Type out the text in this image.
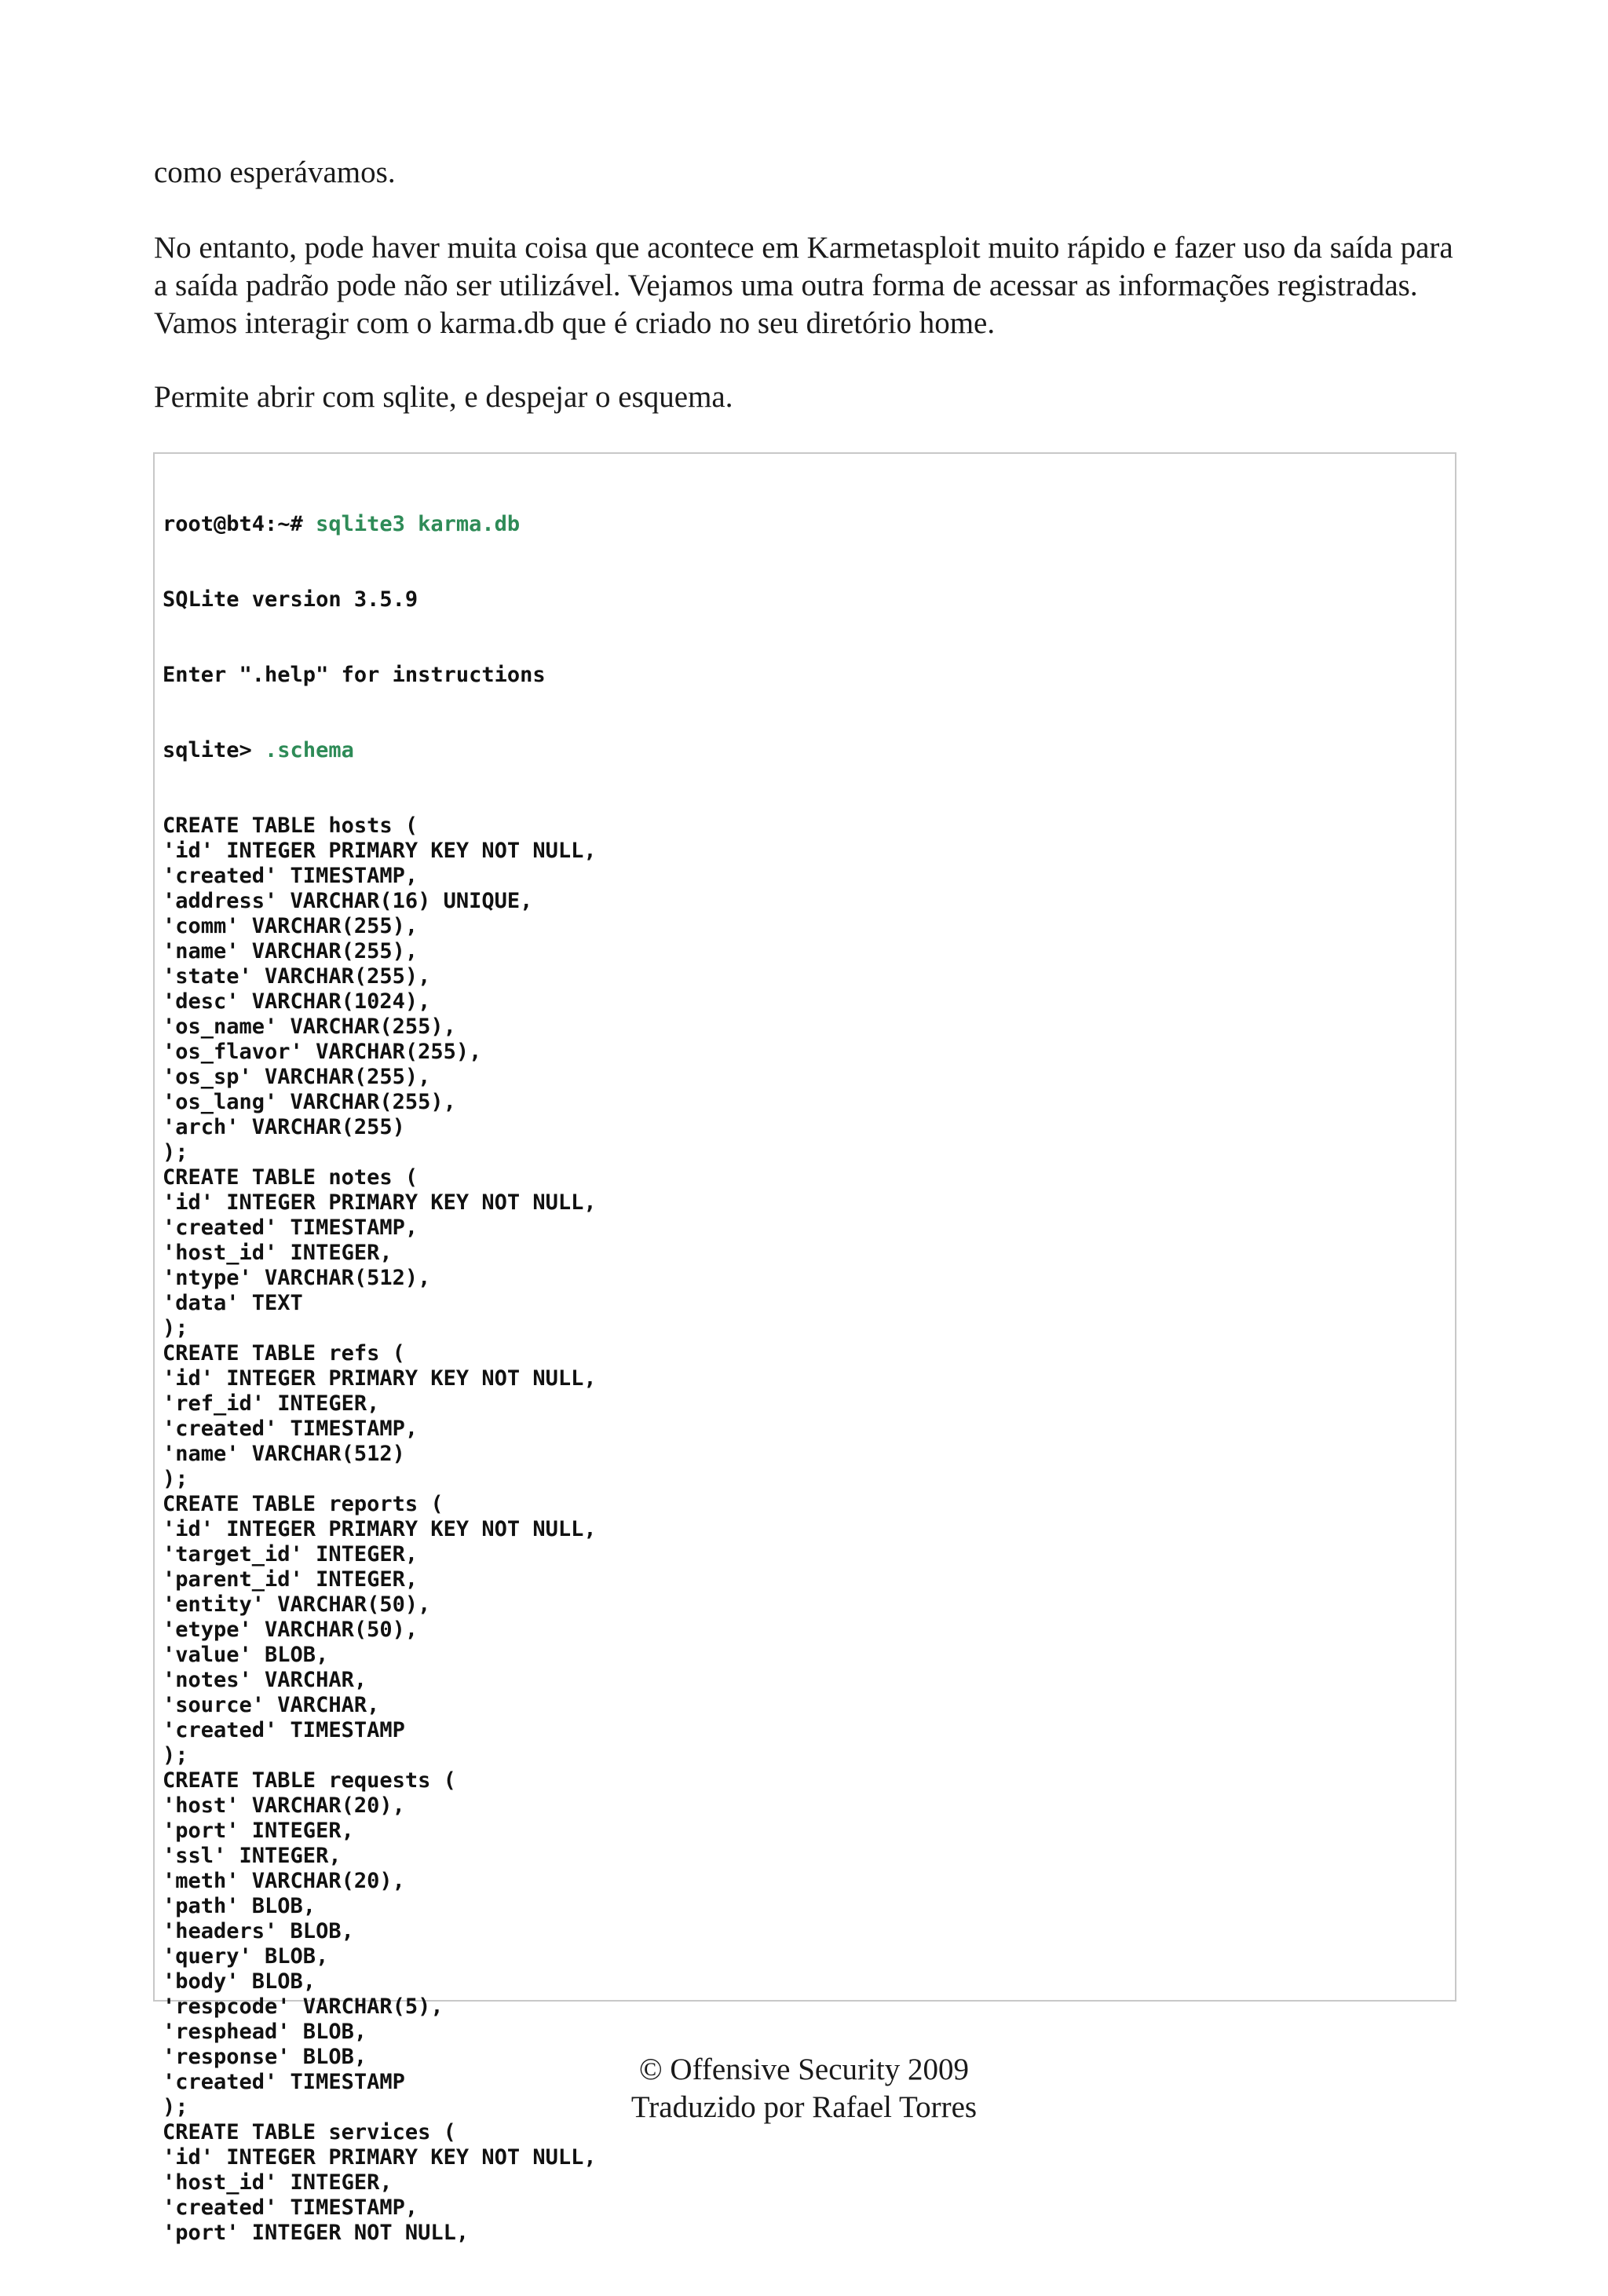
como esperávamos.

No entanto, pode haver muita coisa que acontece em Karmetasploit muito rápido e fazer uso da saída para a saída padrão pode não ser utilizável. Vejamos uma outra forma de acessar as informações registradas. Vamos interagir com o karma.db que é criado no seu diretório home.

Permite abrir com sqlite, e despejar o esquema.

root@bt4:~# sqlite3 karma.db

SQLite version 3.5.9

Enter ".help" for instructions

sqlite> .schema

CREATE TABLE hosts (
'id' INTEGER PRIMARY KEY NOT NULL,
'created' TIMESTAMP,
'address' VARCHAR(16) UNIQUE,
'comm' VARCHAR(255),
'name' VARCHAR(255),
'state' VARCHAR(255),
'desc' VARCHAR(1024),
'os_name' VARCHAR(255),
'os_flavor' VARCHAR(255),
'os_sp' VARCHAR(255),
'os_lang' VARCHAR(255),
'arch' VARCHAR(255)
);
CREATE TABLE notes (
'id' INTEGER PRIMARY KEY NOT NULL,
'created' TIMESTAMP,
'host_id' INTEGER,
'ntype' VARCHAR(512),
'data' TEXT
);
CREATE TABLE refs (
'id' INTEGER PRIMARY KEY NOT NULL,
'ref_id' INTEGER,
'created' TIMESTAMP,
'name' VARCHAR(512)
);
CREATE TABLE reports (
'id' INTEGER PRIMARY KEY NOT NULL,
'target_id' INTEGER,
'parent_id' INTEGER,
'entity' VARCHAR(50),
'etype' VARCHAR(50),
'value' BLOB,
'notes' VARCHAR,
'source' VARCHAR,
'created' TIMESTAMP
);
CREATE TABLE requests (
'host' VARCHAR(20),
'port' INTEGER,
'ssl' INTEGER,
'meth' VARCHAR(20),
'path' BLOB,
'headers' BLOB,
'query' BLOB,
'body' BLOB,
'respcode' VARCHAR(5),
'resphead' BLOB,
'response' BLOB,
'created' TIMESTAMP
);
CREATE TABLE services (
'id' INTEGER PRIMARY KEY NOT NULL,
'host_id' INTEGER,
'created' TIMESTAMP,
'port' INTEGER NOT NULL,

© Offensive Security 2009

Traduzido por Rafael Torres
